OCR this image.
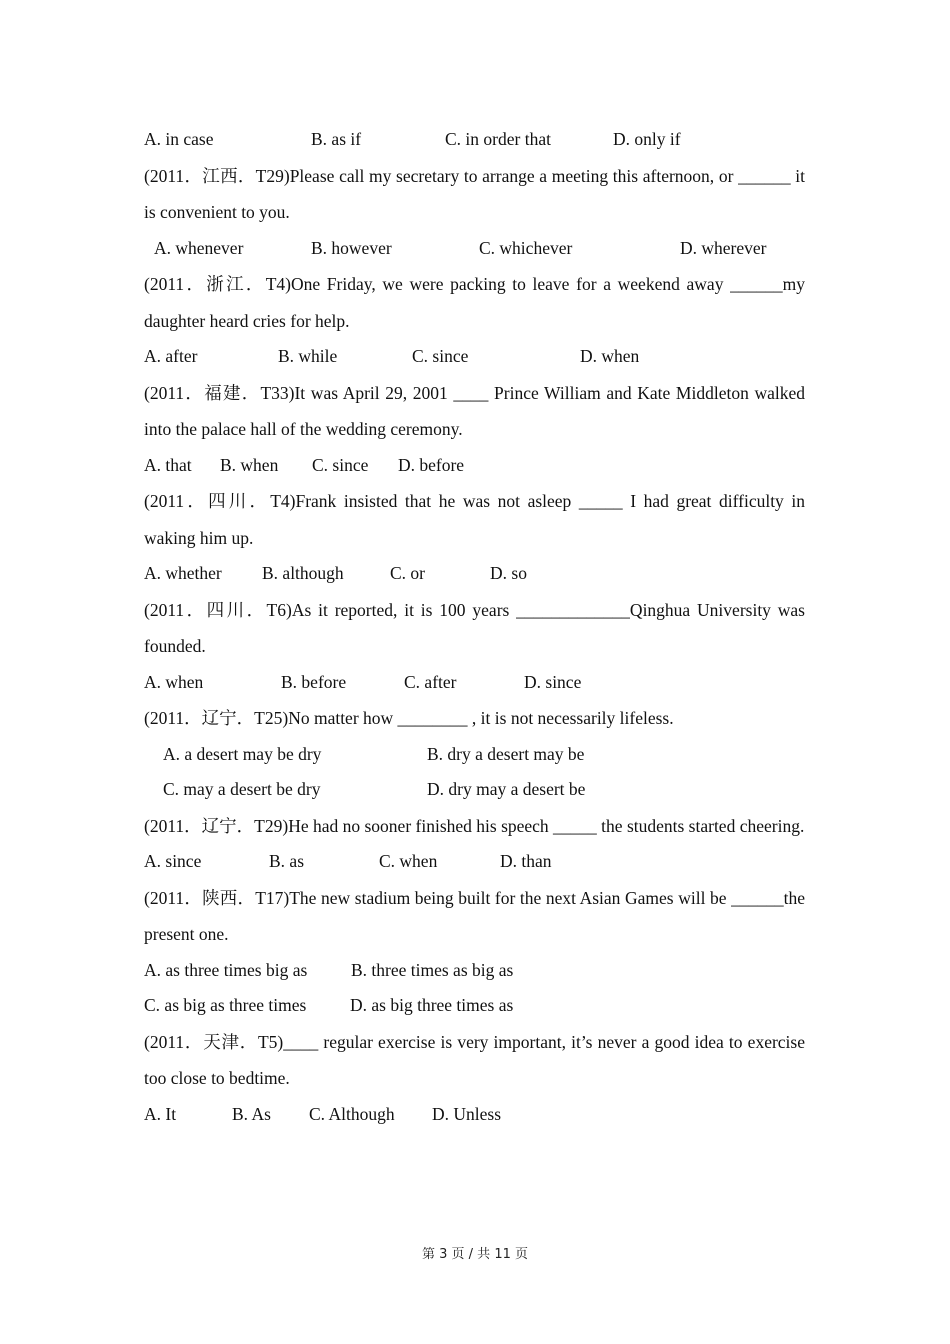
A. in case	B. as if	C. in order that	D. only if

(2011．江西．T29)Please call my secretary to arrange a meeting this afternoon, or ______ it is convenient to you.

A. whenever	B. however	C. whichever	D. wherever

(2011．浙江．T4)One Friday, we were packing to leave for a weekend away ______my daughter heard cries for help.

A. after	B. while	C. since	D. when

(2011．福建．T33)It was April 29, 2001 ____ Prince William and Kate Middleton walked into the palace hall of the wedding ceremony.

A. that B. when C. since D. before

(2011．四川．T4)Frank insisted that he was not asleep _____ I had great difficulty in waking him up.

A. whether B. although	C. or	D. so

(2011．四川．T6)As it reported, it is 100 years _____________Qinghua University was founded.

A. when	B. before	C. after	D. since

(2011．辽宁．T25)No matter how ________ , it is not necessarily lifeless.

A. a desert may be dry	B. dry a desert may be
C. may a desert be dry	D. dry may a desert be

(2011．辽宁．T29)He had no sooner finished his speech _____ the students started cheering.

A. since	B. as	C. when	D. than

(2011．陕西．T17)The new stadium being built for the next Asian Games will be ______the present one.

A. as three times big as B. three times as big as
C. as big as three times D. as big three times as

(2011．天津．T5)____ regular exercise is very important, it’s never a good idea to exercise too close to bedtime.

A. It	B. As C. Although D. Unless
第 3 页 / 共 11 页
